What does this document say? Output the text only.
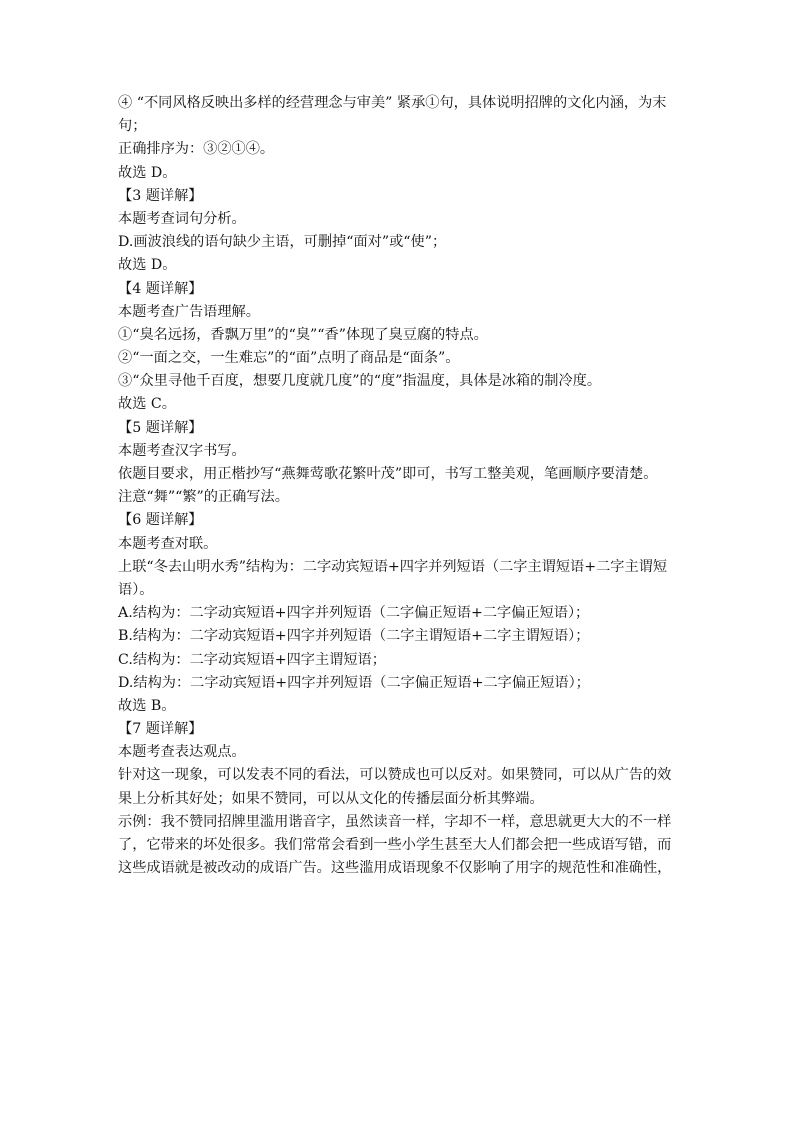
④ “不同风格反映出多样的经营理念与审美” 紧承①句，具体说明招牌的文化内涵，为末
句；
正确排序为：③②①④。
故选 D。
【3 题详解】
本题考查词句分析。
D.画波浪线的语句缺少主语，可删掉“面对”或“使”；
故选 D。
【4 题详解】
本题考查广告语理解。
①“臭名远扬，香飘万里”的“臭”“香”体现了臭豆腐的特点。
②“一面之交，一生难忘”的“面”点明了商品是“面条”。
③“众里寻他千百度，想要几度就几度”的“度”指温度，具体是冰箱的制冷度。
故选 C。
【5 题详解】
本题考查汉字书写。
依题目要求，用正楷抄写“燕舞莺歌花繁叶茂”即可，书写工整美观，笔画顺序要清楚。
注意“舞”“繁”的正确写法。
【6 题详解】
本题考查对联。
上联“冬去山明水秀”结构为：二字动宾短语+四字并列短语（二字主谓短语+二字主谓短
语）。
A.结构为：二字动宾短语+四字并列短语（二字偏正短语+二字偏正短语）；
B.结构为：二字动宾短语+四字并列短语（二字主谓短语+二字主谓短语）；
C.结构为：二字动宾短语+四字主谓短语；
D.结构为：二字动宾短语+四字并列短语（二字偏正短语+二字偏正短语）；
故选 B。
【7 题详解】
本题考查表达观点。
针对这一现象，可以发表不同的看法，可以赞成也可以反对。如果赞同，可以从广告的效
果上分析其好处；如果不赞同，可以从文化的传播层面分析其弊端。
示例：我不赞同招牌里滥用谐音字，虽然读音一样，字却不一样，意思就更大大的不一样
了，它带来的坏处很多。我们常常会看到一些小学生甚至大人们都会把一些成语写错，而
这些成语就是被改动的成语广告。这些滥用成语现象不仅影响了用字的规范性和准确性，
